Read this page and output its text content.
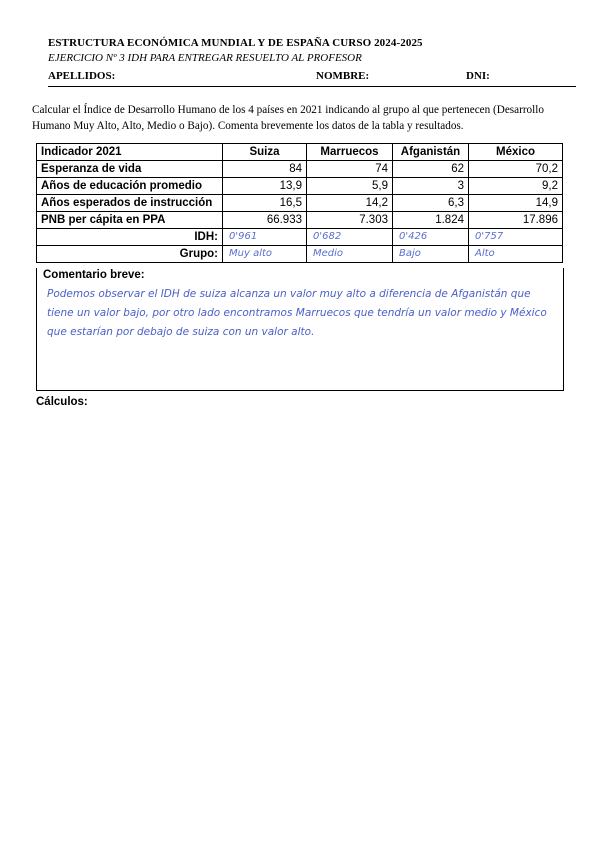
ESTRUCTURA ECONÓMICA MUNDIAL Y DE ESPAÑA CURSO 2024-2025
EJERCICIO Nº 3 IDH PARA ENTREGAR RESUELTO AL PROFESOR
APELLIDOS:	NOMBRE:	DNI:
Calcular el Índice de Desarrollo Humano de los 4 países en 2021 indicando al grupo al que pertenecen (Desarrollo Humano Muy Alto, Alto, Medio o Bajo). Comenta brevemente los datos de la tabla y resultados.
Indicador 2021	Suiza	Marruecos	Afganistán	México
Esperanza de vida	84	74	62	70,2
Años de educación promedio	13,9	5,9	3	9,2
Años esperados de instrucción	16,5	14,2	6,3	14,9
PNB per cápita en PPA	66.933	7.303	1.824	17.896
IDH:	0'961	0'682	0'426	0'757
Grupo:	Muy alto	Medio	Bajo	Alto
Comentario breve:
Podemos observar el IDH de suiza alcanza un valor muy alto a diferencia de Afganistán que tiene un valor bajo, por otro lado encontramos Marruecos que tendría un valor medio y México que estarían por debajo de suiza con un valor alto.
Cálculos:
